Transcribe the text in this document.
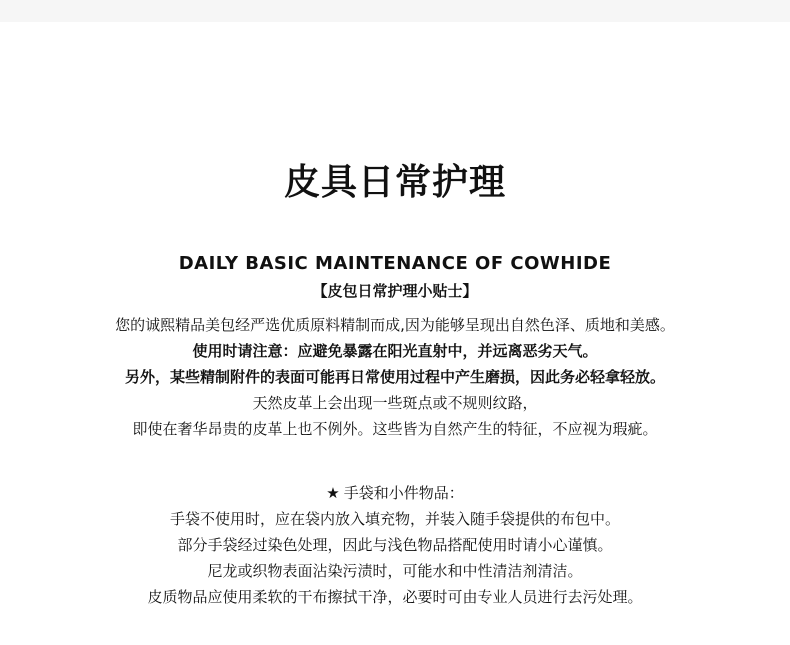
皮具日常护理
DAILY BASIC MAINTENANCE OF COWHIDE
【皮包日常护理小贴士】
您的诚熙精品美包经严选优质原料精制而成,因为能够呈现出自然色泽、质地和美感。
使用时请注意：应避免暴露在阳光直射中，并远离恶劣天气。
另外，某些精制附件的表面可能再日常使用过程中产生磨损，因此务必轻拿轻放。
天然皮革上会出现一些斑点或不规则纹路，
即使在奢华昂贵的皮革上也不例外。这些皆为自然产生的特征，不应视为瑕疵。
★ 手袋和小件物品：
手袋不使用时，应在袋内放入填充物，并装入随手袋提供的布包中。
部分手袋经过染色处理，因此与浅色物品搭配使用时请小心谨慎。
尼龙或织物表面沾染污渍时，可能水和中性清洁剂清洁。
皮质物品应使用柔软的干布擦拭干净，必要时可由专业人员进行去污处理。
